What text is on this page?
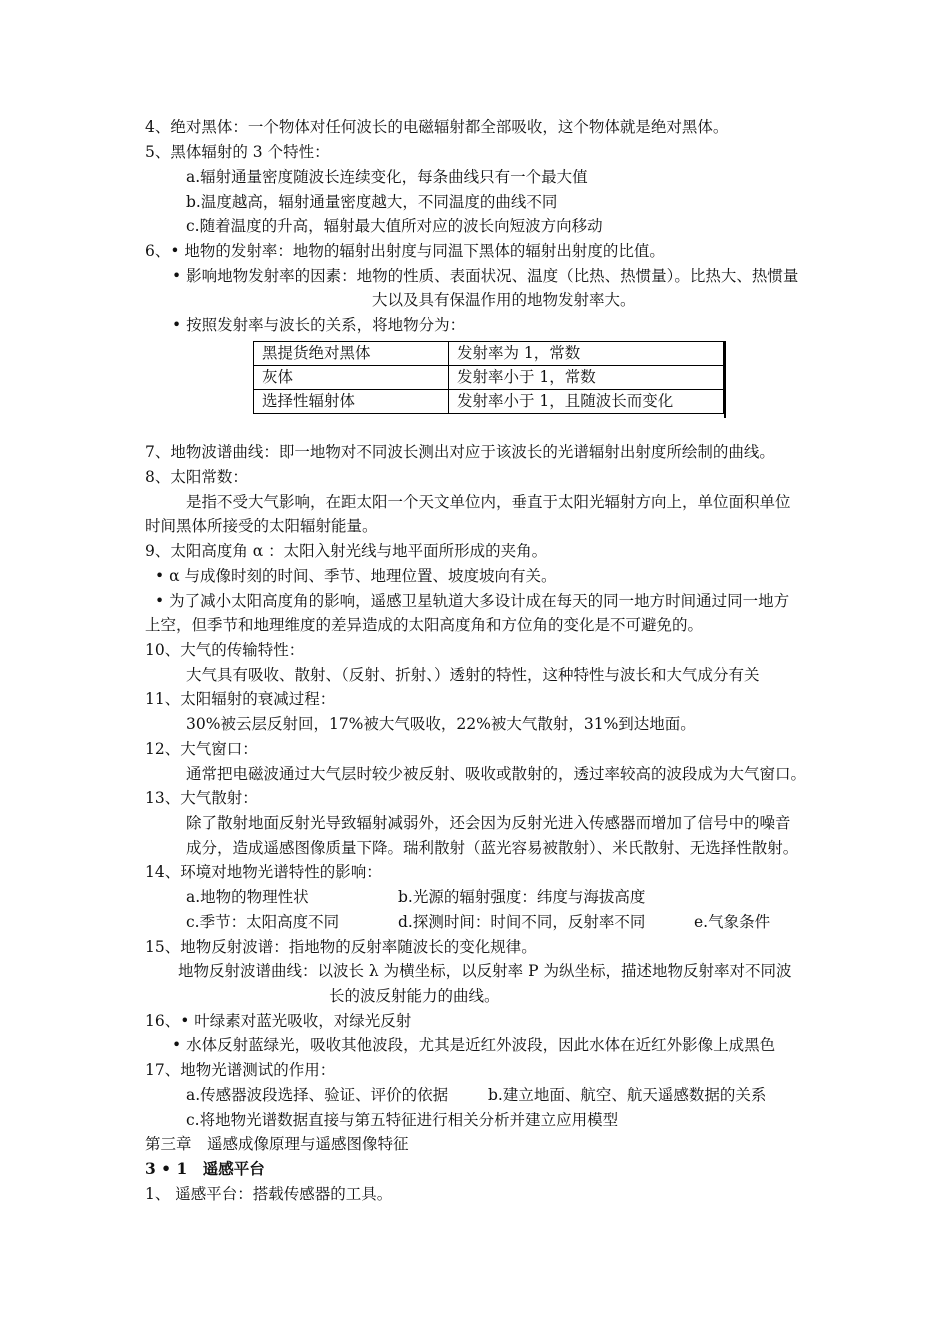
4、绝对黑体：一个物体对任何波长的电磁辐射都全部吸收，这个物体就是绝对黑体。
5、黑体辐射的 3 个特性：
a.辐射通量密度随波长连续变化，每条曲线只有一个最大值
b.温度越高，辐射通量密度越大，不同温度的曲线不同
c.随着温度的升高，辐射最大值所对应的波长向短波方向移动
6、• 地物的发射率：地物的辐射出射度与同温下黑体的辐射出射度的比值。
• 影响地物发射率的因素：地物的性质、表面状况、温度（比热、热惯量）。比热大、热惯量
大以及具有保温作用的地物发射率大。
• 按照发射率与波长的关系，将地物分为：
黑提货绝对黑体	发射率为 1，常数
灰体	发射率小于 1，常数
选择性辐射体	发射率小于 1，且随波长而变化
7、地物波谱曲线：即一地物对不同波长测出对应于该波长的光谱辐射出射度所绘制的曲线。
8、太阳常数：
是指不受大气影响，在距太阳一个天文单位内，垂直于太阳光辐射方向上，单位面积单位
时间黑体所接受的太阳辐射能量。
9、太阳高度角 α ：太阳入射光线与地平面所形成的夹角。
• α 与成像时刻的时间、季节、地理位置、坡度坡向有关。
• 为了减小太阳高度角的影响，遥感卫星轨道大多设计成在每天的同一地方时间通过同一地方
上空，但季节和地理维度的差异造成的太阳高度角和方位角的变化是不可避免的。
10、大气的传输特性：
大气具有吸收、散射、（反射、折射、）透射的特性，这种特性与波长和大气成分有关
11、太阳辐射的衰减过程：
30%被云层反射回，17%被大气吸收，22%被大气散射，31%到达地面。
12、大气窗口：
通常把电磁波通过大气层时较少被反射、吸收或散射的，透过率较高的波段成为大气窗口。
13、大气散射：
除了散射地面反射光导致辐射减弱外，还会因为反射光进入传感器而增加了信号中的噪音
成分，造成遥感图像质量下降。瑞利散射（蓝光容易被散射）、米氏散射、无选择性散射。
14、环境对地物光谱特性的影响：
a.地物的物理性状	b.光源的辐射强度：纬度与海拔高度
c.季节：太阳高度不同	d.探测时间：时间不同，反射率不同	e.气象条件
15、地物反射波谱：指地物的反射率随波长的变化规律。
地物反射波谱曲线：以波长 λ 为横坐标，以反射率 P 为纵坐标，描述地物反射率对不同波
长的波反射能力的曲线。
16、• 叶绿素对蓝光吸收，对绿光反射
• 水体反射蓝绿光，吸收其他波段，尤其是近红外波段，因此水体在近红外影像上成黑色
17、地物光谱测试的作用：
a.传感器波段选择、验证、评价的依据	b.建立地面、航空、航天遥感数据的关系
c.将地物光谱数据直接与第五特征进行相关分析并建立应用模型
第三章　遥感成像原理与遥感图像特征
3 • 1　遥感平台
1、 遥感平台：搭载传感器的工具。
